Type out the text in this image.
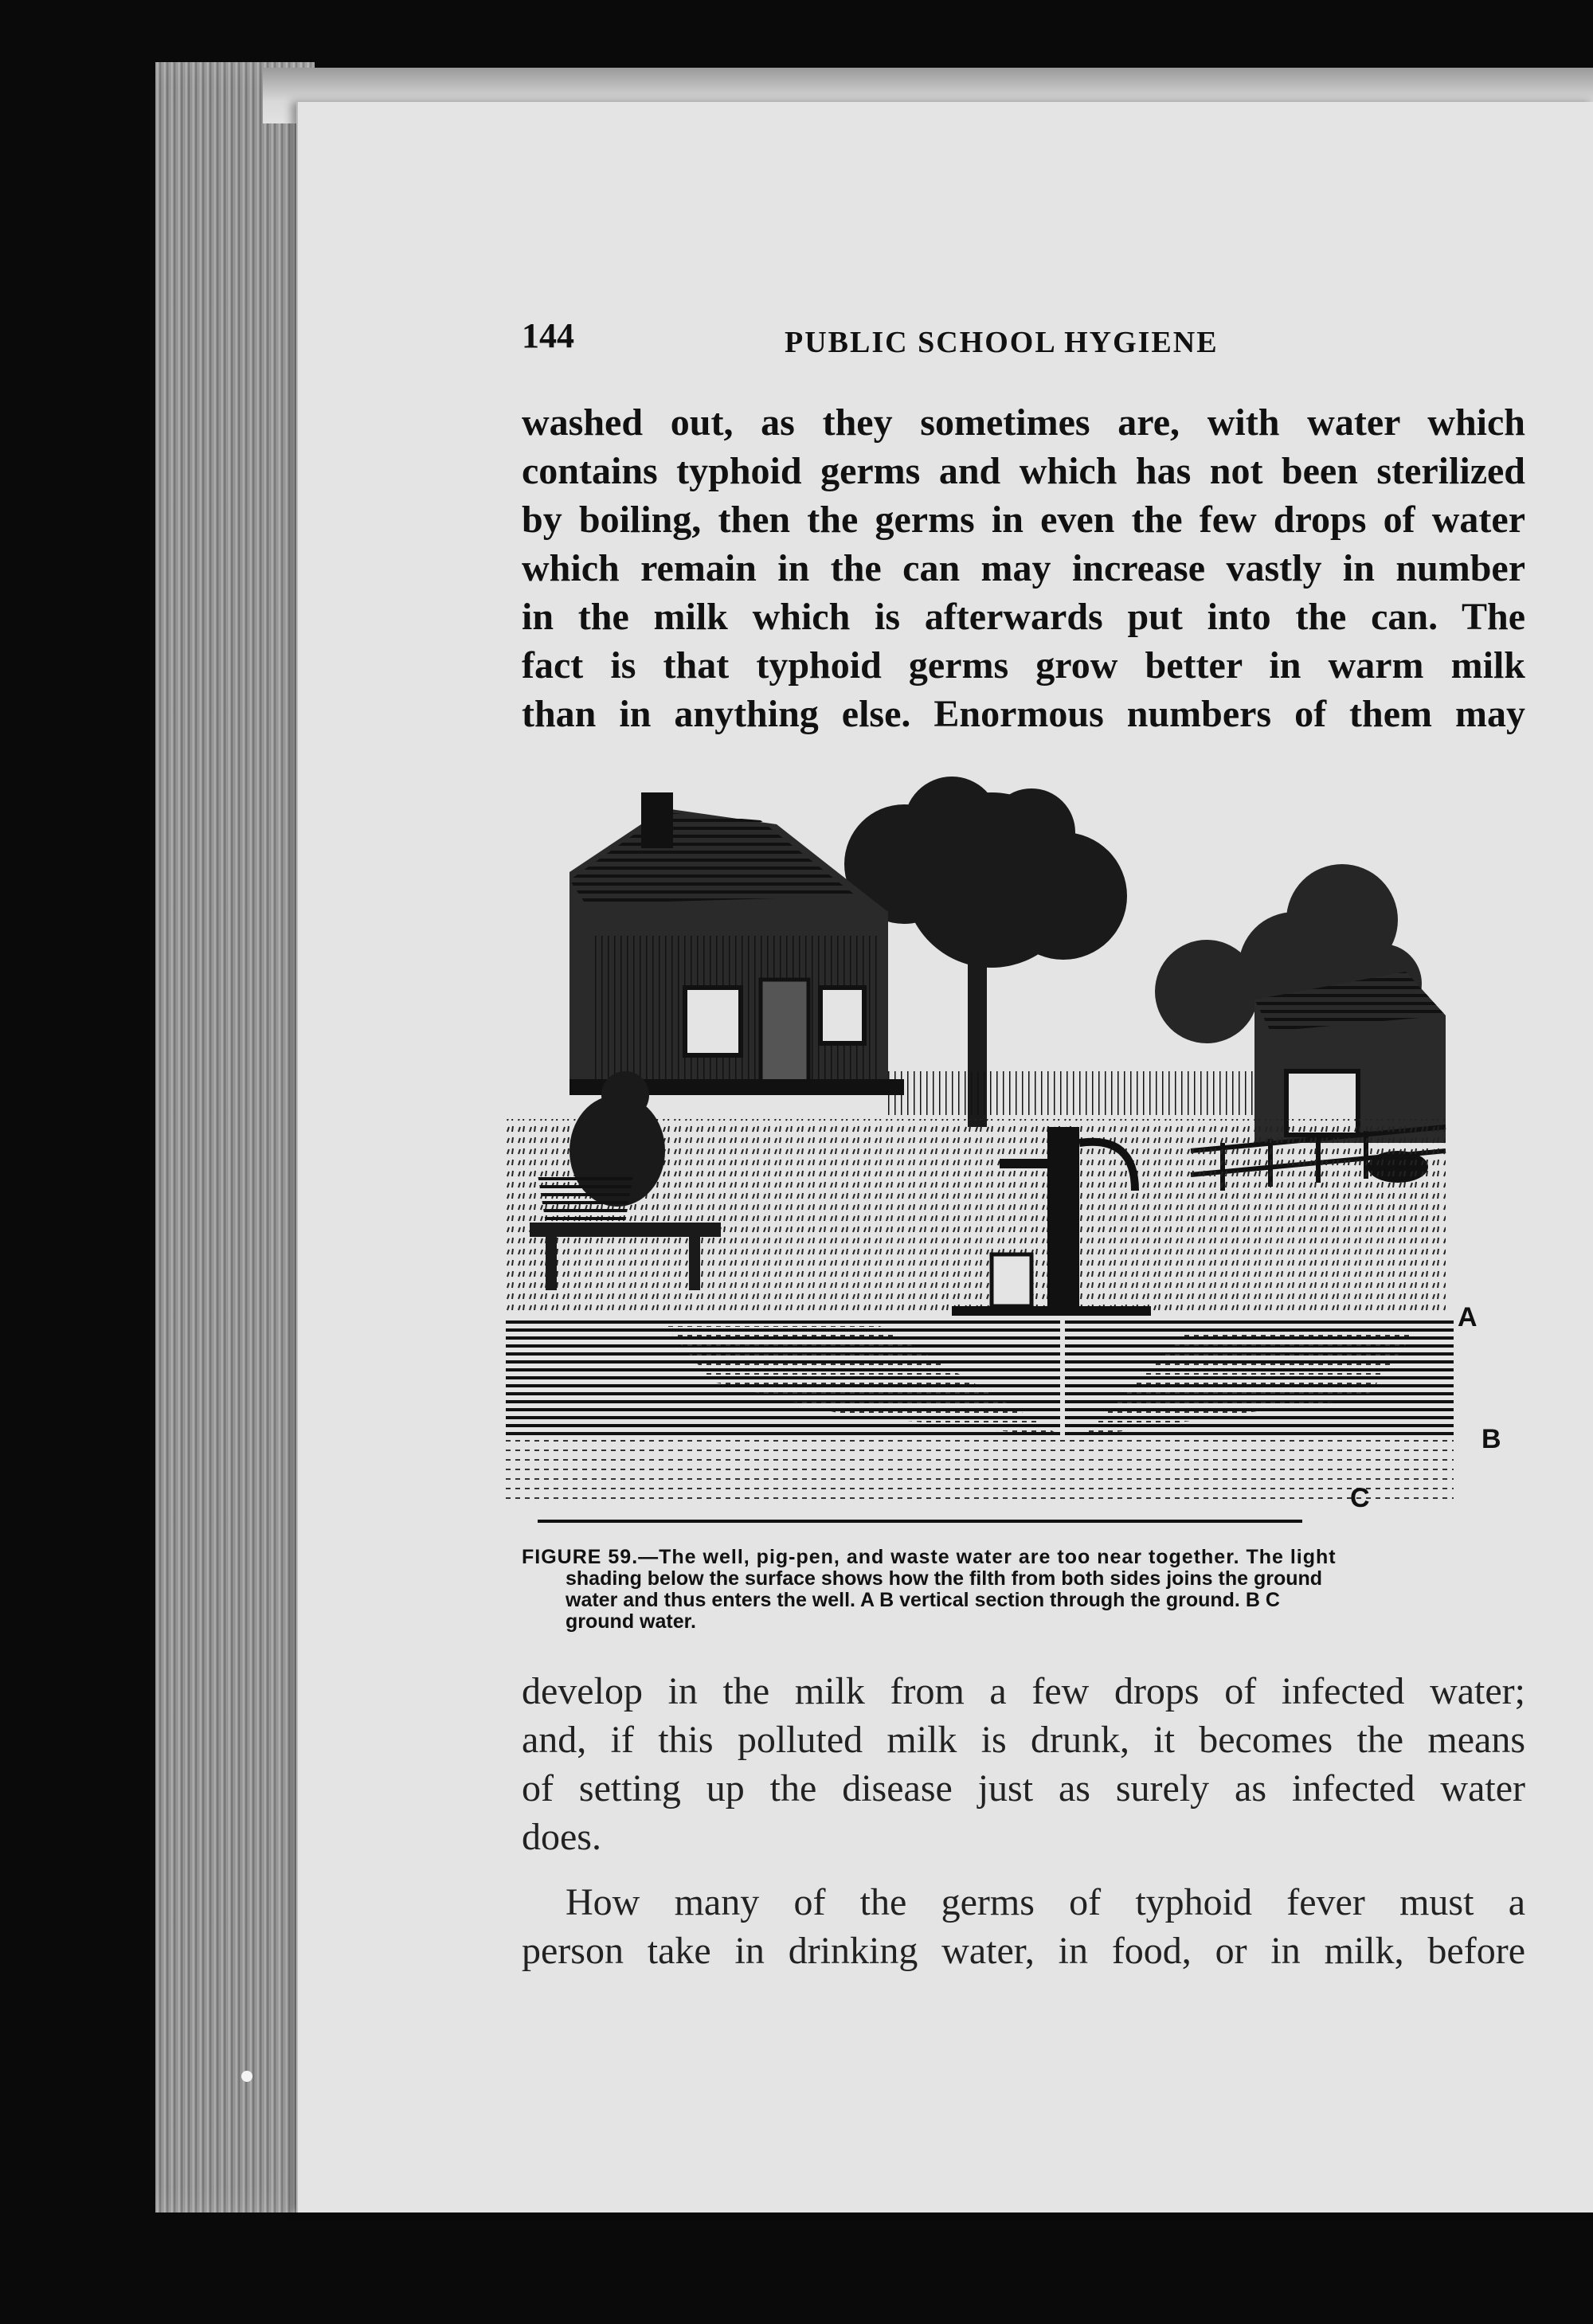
144	PUBLIC SCHOOL HYGIENE
washed out, as they sometimes are, with water which
contains typhoid germs and which has not been sterilized
by boiling, then the germs in even the few drops of water
which remain in the can may increase vastly in number
in the milk which is afterwards put into the can. The
fact is that typhoid germs grow better in warm milk
than in anything else. Enormous numbers of them may
A
B
C
FIGURE 59.—The well, pig-pen, and waste water are too near together. The light
shading below the surface shows how the filth from both sides joins the ground
water and thus enters the well. A B vertical section through the ground. B C
ground water.
develop in the milk from a few drops of infected water;
and, if this polluted milk is drunk, it becomes the means
of setting up the disease just as surely as infected water
does.
How many of the germs of typhoid fever must a
person take in drinking water, in food, or in milk, before
